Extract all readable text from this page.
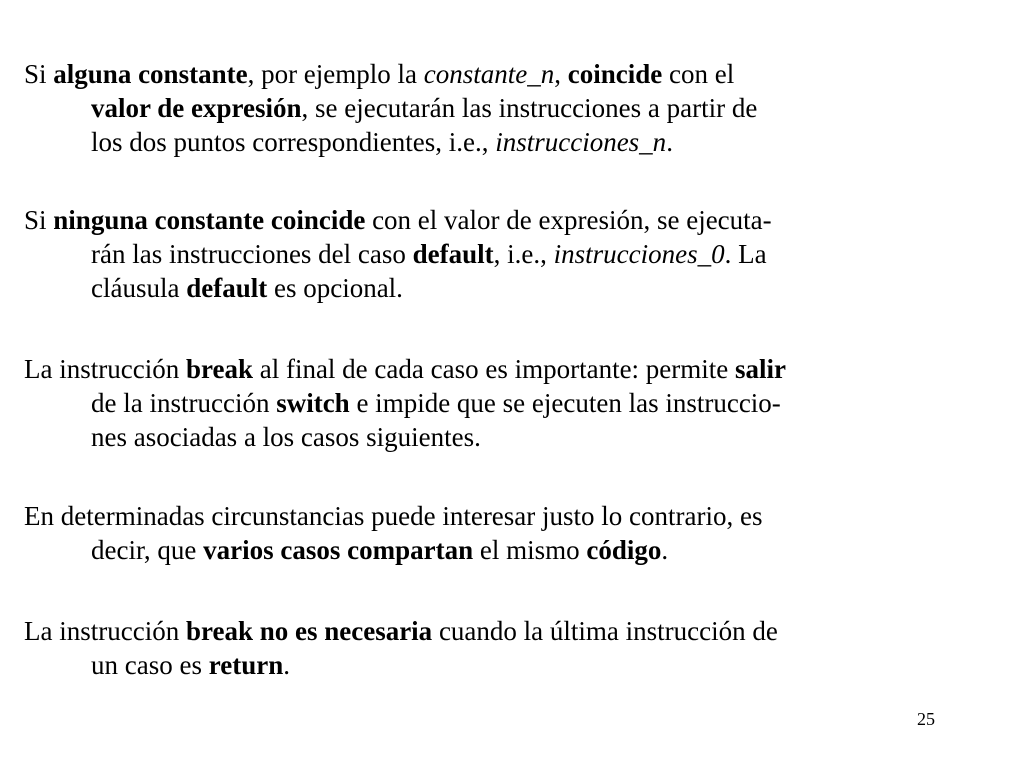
Si alguna constante, por ejemplo la constante_n, coincide con el
valor de expresión, se ejecutarán las instrucciones a partir de
los dos puntos correspondientes, i.e., instrucciones_n.

Si ninguna constante coincide con el valor de expresión, se ejecuta-
rán las instrucciones del caso default, i.e., instrucciones_0. La
cláusula default es opcional.

La instrucción break al final de cada caso es importante: permite salir
de la instrucción switch e impide que se ejecuten las instruccio-
nes asociadas a los casos siguientes.

En determinadas circunstancias puede interesar justo lo contrario, es
decir, que varios casos compartan el mismo código.

La instrucción break no es necesaria cuando la última instrucción de
un caso es return.

25
